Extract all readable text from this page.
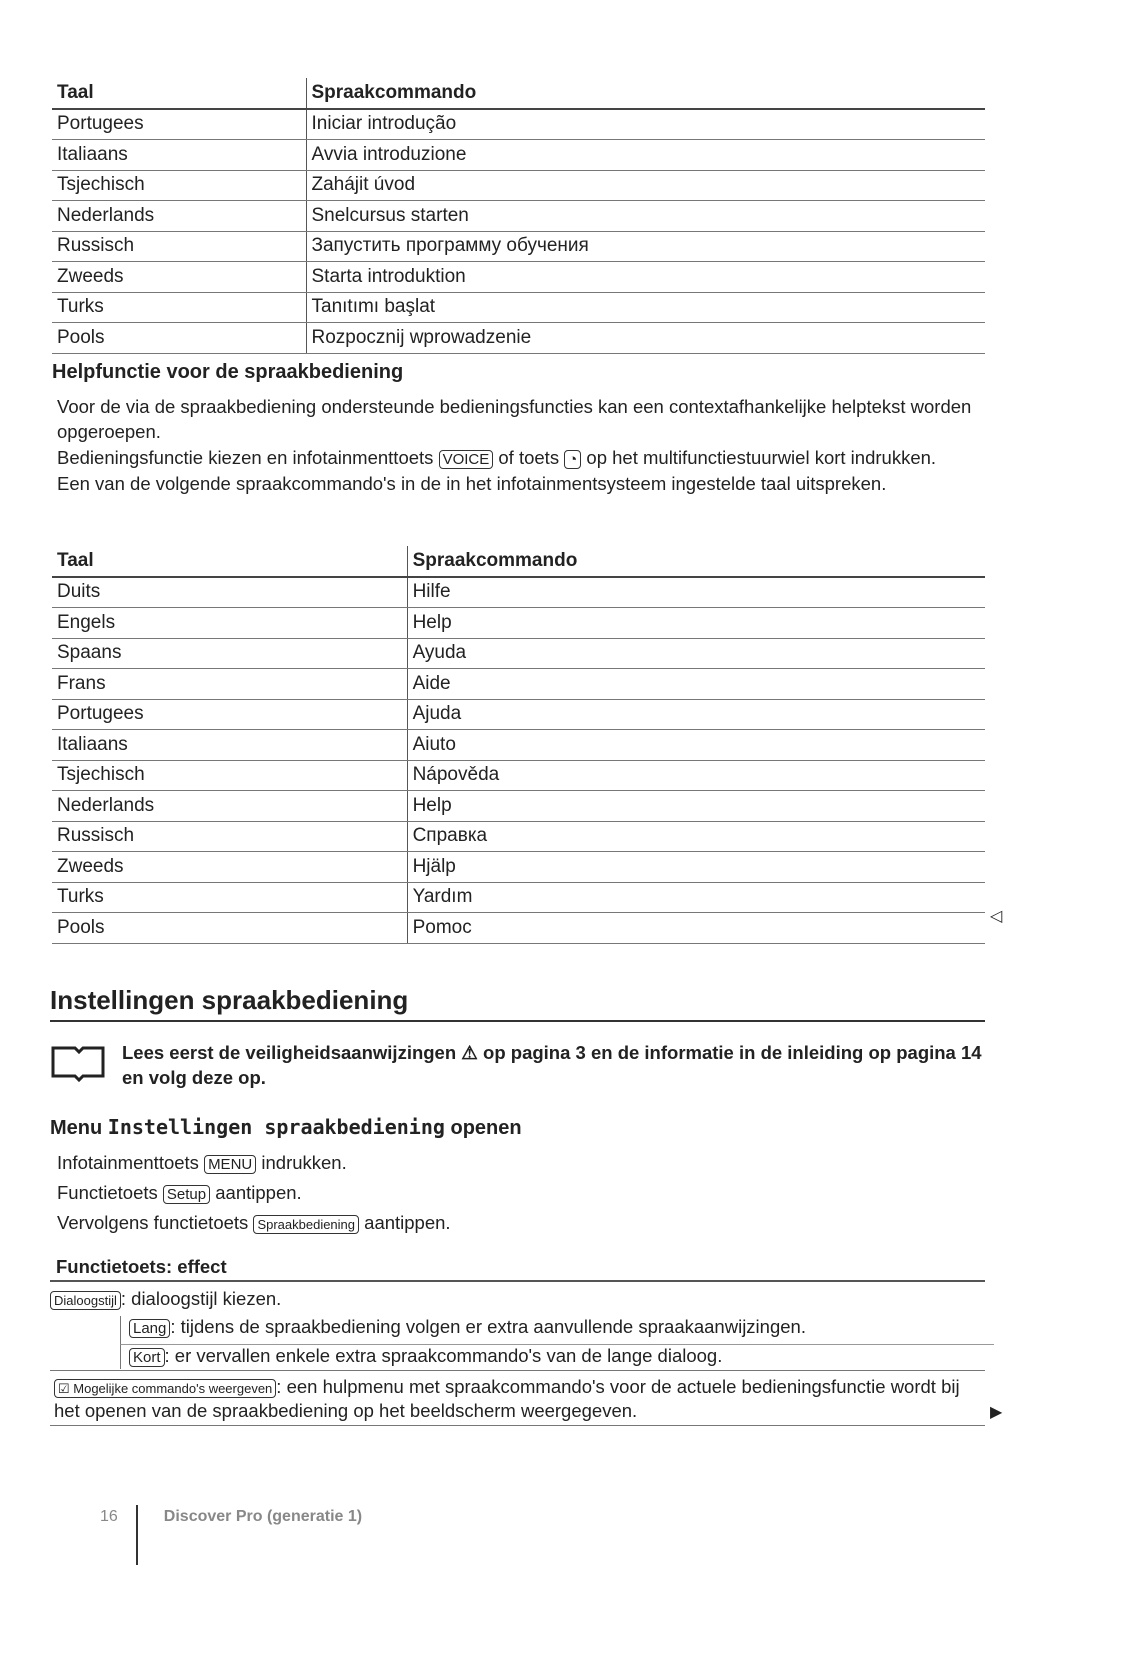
Taal	Spraakcommando
Portugees	Iniciar introdução
Italiaans	Avvia introduzione
Tsjechisch	Zahájit úvod
Nederlands	Snelcursus starten
Russisch	Запустить программу обучения
Zweeds	Starta introduktion
Turks	Tanıtımı başlat
Pools	Rozpocznij wprowadzenie
Helpfunctie voor de spraakbediening

Voor de via de spraakbediening ondersteunde bedieningsfuncties kan een contextafhankelijke helptekst worden opgeroepen.

Bedieningsfunctie kiezen en infotainmenttoets VOICE of toets ◔ op het multifunctiestuurwiel kort indrukken.

Een van de volgende spraakcommando's in de in het infotainmentsysteem ingestelde taal uitspreken.

Taal	Spraakcommando
Duits	Hilfe
Engels	Help
Spaans	Ayuda
Frans	Aide
Portugees	Ajuda
Italiaans	Aiuto
Tsjechisch	Nápověda
Nederlands	Help
Russisch	Справка
Zweeds	Hjälp
Turks	Yardım
Pools	Pomoc
◁
Instellingen spraakbediening
Lees eerst de veiligheidsaanwijzingen ⚠ op pagina 3 en de informatie in de inleiding op pagina 14 en volg deze op.
Menu Instellingen spraakbediening openen

Infotainmenttoets MENU indrukken.

Functietoets Setup aantippen.

Vervolgens functietoets Spraakbediening aantippen.

Functietoets: effect
Dialoogstijl : dialoogstijl kiezen.
Lang : tijdens de spraakbediening volgen er extra aanvullende spraakaanwijzingen.
Kort : er vervallen enkele extra spraakcommando's van de lange dialoog.
☑ Mogelijke commando's weergeven : een hulpmenu met spraakcommando's voor de actuele bedieningsfunctie wordt bij het openen van de spraakbediening op het beeldscherm weergegeven.	▶
16	Discover Pro (generatie 1)
